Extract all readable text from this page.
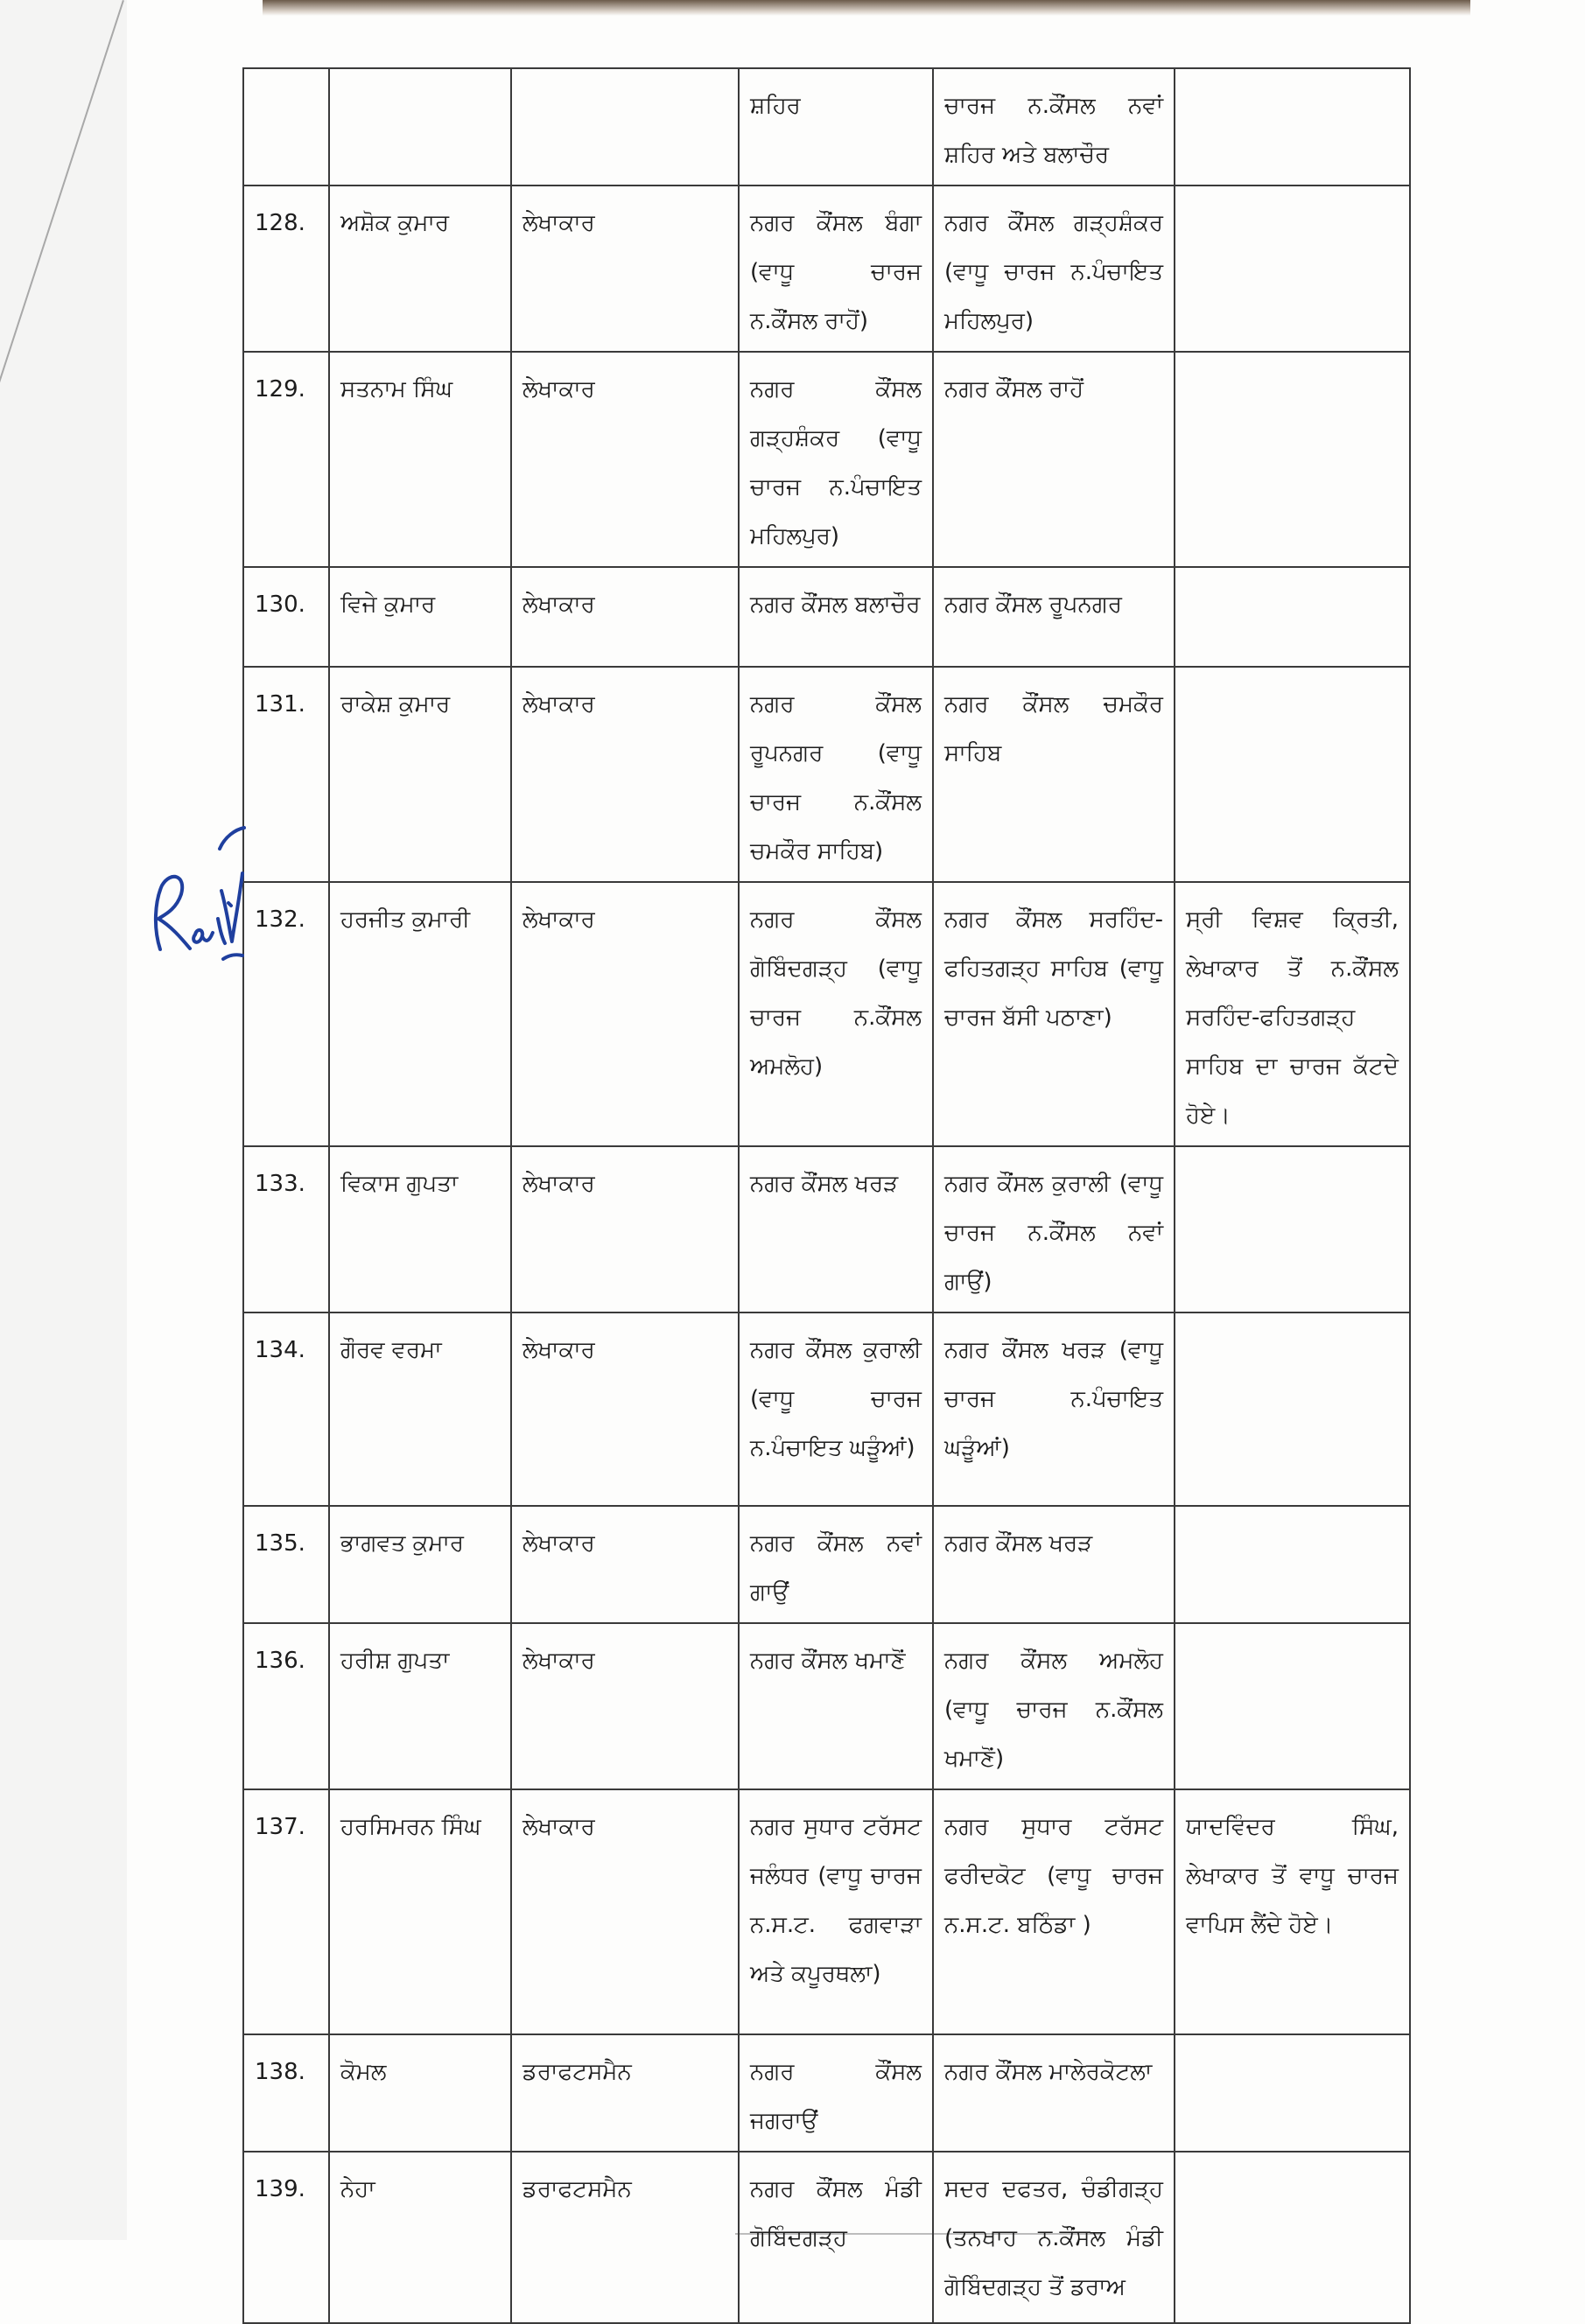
			ਸ਼ਹਿਰ	ਚਾਰਜ ਨ.ਕੌਂਸਲ ਨਵਾਂ ਸ਼ਹਿਰ ਅਤੇ ਬਲਾਚੌਰ	
128.	ਅਸ਼ੋਕ ਕੁਮਾਰ	ਲੇਖਾਕਾਰ	ਨਗਰ ਕੌਂਸਲ ਬੰਗਾ (ਵਾਧੂ ਚਾਰਜ ਨ.ਕੌਂਸਲ ਰਾਹੋਂ)	ਨਗਰ ਕੌਂਸਲ ਗੜ੍ਹਸ਼ੰਕਰ (ਵਾਧੂ ਚਾਰਜ ਨ.ਪੰਚਾਇਤ ਮਹਿਲਪੁਰ)	
129.	ਸਤਨਾਮ ਸਿੰਘ	ਲੇਖਾਕਾਰ	ਨਗਰ ਕੌਂਸਲ ਗੜ੍ਹਸ਼ੰਕਰ (ਵਾਧੂ ਚਾਰਜ ਨ.ਪੰਚਾਇਤ ਮਹਿਲਪੁਰ)	ਨਗਰ ਕੌਂਸਲ ਰਾਹੋਂ	
130.	ਵਿਜੇ ਕੁਮਾਰ	ਲੇਖਾਕਾਰ	ਨਗਰ ਕੌਂਸਲ ਬਲਾਚੌਰ	ਨਗਰ ਕੌਂਸਲ ਰੂਪਨਗਰ	
131.	ਰਾਕੇਸ਼ ਕੁਮਾਰ	ਲੇਖਾਕਾਰ	ਨਗਰ ਕੌਂਸਲ ਰੂਪਨਗਰ (ਵਾਧੂ ਚਾਰਜ ਨ.ਕੌਂਸਲ ਚਮਕੌਰ ਸਾਹਿਬ)	ਨਗਰ ਕੌਂਸਲ ਚਮਕੌਰ ਸਾਹਿਬ	
132.	ਹਰਜੀਤ ਕੁਮਾਰੀ	ਲੇਖਾਕਾਰ	ਨਗਰ ਕੌਂਸਲ ਗੋਬਿੰਦਗੜ੍ਹ (ਵਾਧੂ ਚਾਰਜ ਨ.ਕੌਂਸਲ ਅਮਲੋਹ)	ਨਗਰ ਕੌਂਸਲ ਸਰਹਿੰਦ-ਫਹਿਤਗੜ੍ਹ ਸਾਹਿਬ (ਵਾਧੂ ਚਾਰਜ ਬੱਸੀ ਪਠਾਣਾ)	ਸ੍ਰੀ ਵਿਸ਼ਵ ਕ੍ਰਿਤੀ, ਲੇਖਾਕਾਰ ਤੋਂ ਨ.ਕੌਂਸਲ ਸਰਹਿੰਦ-ਫਹਿਤਗੜ੍ਹ ਸਾਹਿਬ ਦਾ ਚਾਰਜ ਕੱਟਦੇ ਹੋਏ।
133.	ਵਿਕਾਸ ਗੁਪਤਾ	ਲੇਖਾਕਾਰ	ਨਗਰ ਕੌਂਸਲ ਖਰੜ	ਨਗਰ ਕੌਂਸਲ ਕੁਰਾਲੀ (ਵਾਧੂ ਚਾਰਜ ਨ.ਕੌਂਸਲ ਨਵਾਂ ਗਾਉਂ)	
134.	ਗੌਰਵ ਵਰਮਾ	ਲੇਖਾਕਾਰ	ਨਗਰ ਕੌਂਸਲ ਕੁਰਾਲੀ (ਵਾਧੂ ਚਾਰਜ ਨ.ਪੰਚਾਇਤ ਘੜੂੰਆਂ)	ਨਗਰ ਕੌਂਸਲ ਖਰੜ (ਵਾਧੂ ਚਾਰਜ ਨ.ਪੰਚਾਇਤ ਘੜੂੰਆਂ)	
135.	ਭਾਗਵਤ ਕੁਮਾਰ	ਲੇਖਾਕਾਰ	ਨਗਰ ਕੌਂਸਲ ਨਵਾਂ ਗਾਉਂ	ਨਗਰ ਕੌਂਸਲ ਖਰੜ	
136.	ਹਰੀਸ਼ ਗੁਪਤਾ	ਲੇਖਾਕਾਰ	ਨਗਰ ਕੌਂਸਲ ਖਮਾਣੋਂ	ਨਗਰ ਕੌਂਸਲ ਅਮਲੋਹ (ਵਾਧੂ ਚਾਰਜ ਨ.ਕੌਂਸਲ ਖਮਾਣੋਂ)	
137.	ਹਰਸਿਮਰਨ ਸਿੰਘ	ਲੇਖਾਕਾਰ	ਨਗਰ ਸੁਧਾਰ ਟਰੱਸਟ ਜਲੰਧਰ (ਵਾਧੂ ਚਾਰਜ ਨ.ਸ.ਟ. ਫਗਵਾੜਾ ਅਤੇ ਕਪੂਰਥਲਾ)	ਨਗਰ ਸੁਧਾਰ ਟਰੱਸਟ ਫਰੀਦਕੋਟ (ਵਾਧੂ ਚਾਰਜ ਨ.ਸ.ਟ. ਬਠਿੰਡਾ )	ਯਾਦਵਿੰਦਰ ਸਿੰਘ, ਲੇਖਾਕਾਰ ਤੋਂ ਵਾਧੂ ਚਾਰਜ ਵਾਪਿਸ ਲੈਂਦੇ ਹੋਏ।
138.	ਕੋਮਲ	ਡਰਾਫਟਸਮੈਨ	ਨਗਰ ਕੌਂਸਲ ਜਗਰਾਉਂ	ਨਗਰ ਕੌਂਸਲ ਮਾਲੇਰਕੋਟਲਾ	
139.	ਨੇਹਾ	ਡਰਾਫਟਸਮੈਨ	ਨਗਰ ਕੌਂਸਲ ਮੰਡੀ ਗੋਬਿੰਦਗੜ੍ਹ	ਸਦਰ ਦਫਤਰ, ਚੰਡੀਗੜ੍ਹ (ਤਨਖਾਹ ਨ.ਕੌਂਸਲ ਮੰਡੀ ਗੋਬਿੰਦਗੜ੍ਹ ਤੋਂ ਡਰਾਅ	
